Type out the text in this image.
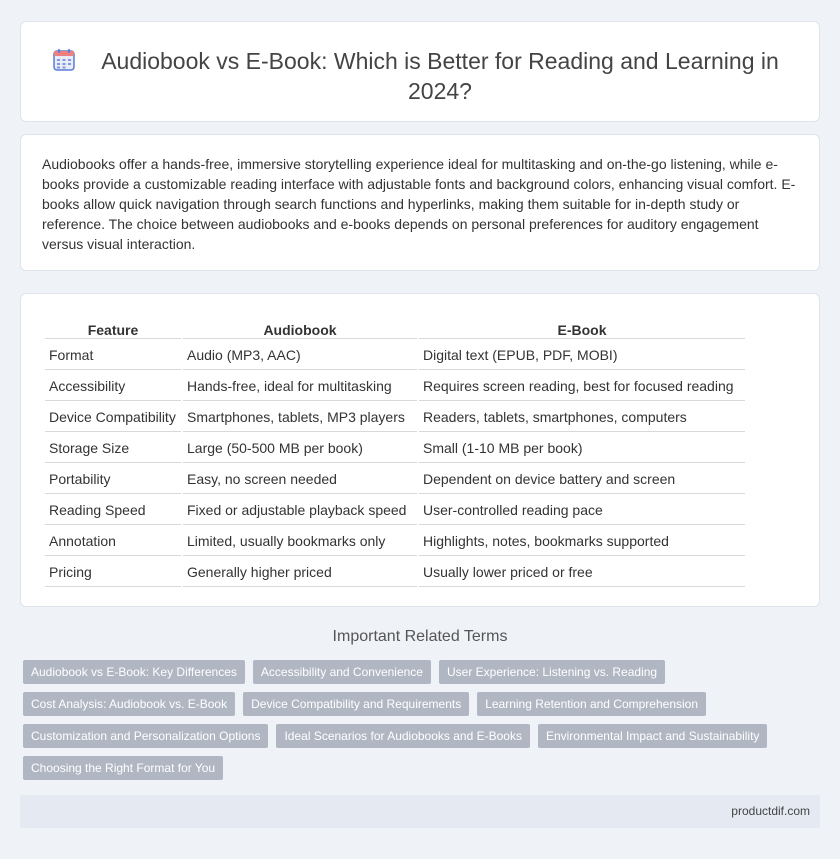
Audiobook vs E-Book: Which is Better for Reading and Learning in 2024?

Audiobooks offer a hands-free, immersive storytelling experience ideal for multitasking and on-the-go listening, while e-books provide a customizable reading interface with adjustable fonts and background colors, enhancing visual comfort. E-books allow quick navigation through search functions and hyperlinks, making them suitable for in-depth study or reference. The choice between audiobooks and e-books depends on personal preferences for auditory engagement versus visual interaction.

Feature	Audiobook	E-Book
Format	Audio (MP3, AAC)	Digital text (EPUB, PDF, MOBI)
Accessibility	Hands-free, ideal for multitasking	Requires screen reading, best for focused reading
Device Compatibility	Smartphones, tablets, MP3 players	Readers, tablets, smartphones, computers
Storage Size	Large (50-500 MB per book)	Small (1-10 MB per book)
Portability	Easy, no screen needed	Dependent on device battery and screen
Reading Speed	Fixed or adjustable playback speed	User-controlled reading pace
Annotation	Limited, usually bookmarks only	Highlights, notes, bookmarks supported
Pricing	Generally higher priced	Usually lower priced or free
Important Related Terms
Audiobook vs E-Book: Key Differences	Accessibility and Convenience	User Experience: Listening vs. Reading
Cost Analysis: Audiobook vs. E-Book	Device Compatibility and Requirements	Learning Retention and Comprehension
Customization and Personalization Options	Ideal Scenarios for Audiobooks and E-Books	Environmental Impact and Sustainability
Choosing the Right Format for You
productdif.com
